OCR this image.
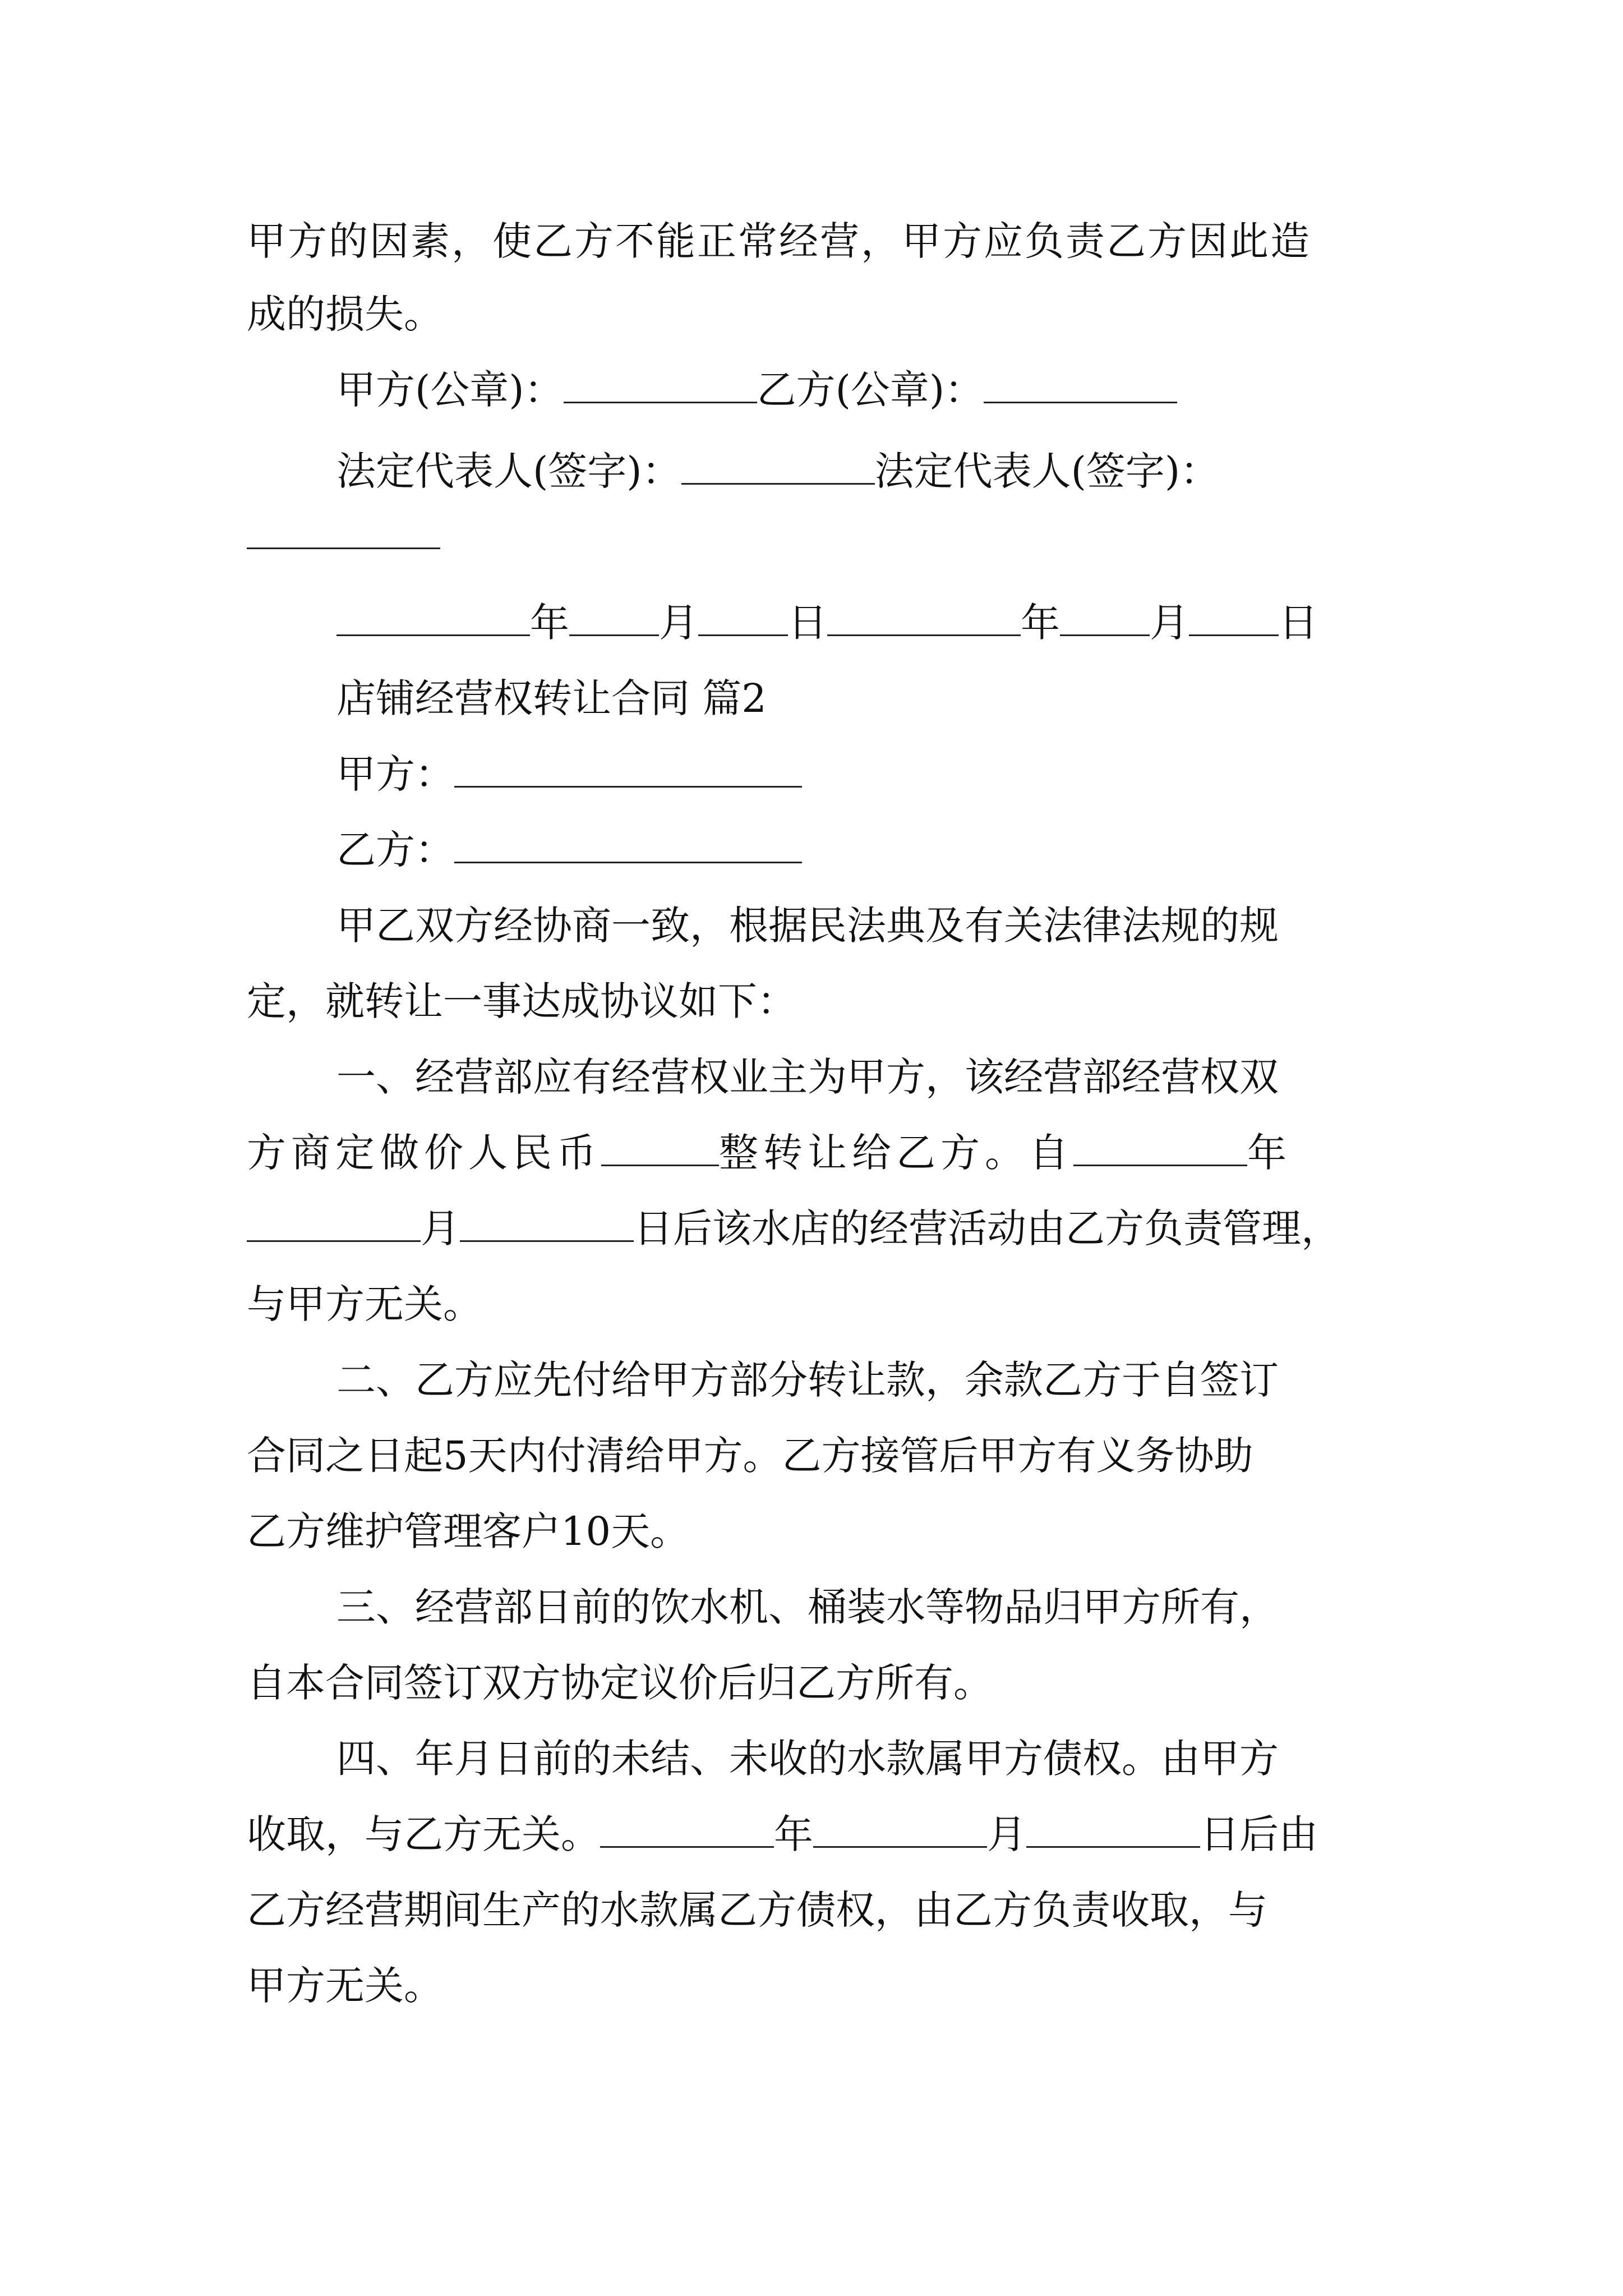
甲方的因素，使乙方不能正常经营，甲方应负责乙方因此造
成的损失。
甲方(公章)：	乙方(公章)：
法定代表人(签字)：	法定代表人(签字)：
年 月 日	年 月 日
店铺经营权转让合同 篇2
甲方：
乙方：
甲乙双方经协商一致，根据民法典及有关法律法规的规
定，就转让一事达成协议如下：
一、经营部应有经营权业主为甲方，该经营部经营权双
方商定做价人民币	整转让给乙方。自	年
月	日后该水店的经营活动由乙方负责管理，
与甲方无关。
二、乙方应先付给甲方部分转让款，余款乙方于自签订
合同之日起5天内付清给甲方。乙方接管后甲方有义务协助
乙方维护管理客户10天。
三、经营部日前的饮水机、桶装水等物品归甲方所有，
自本合同签订双方协定议价后归乙方所有。
四、年月日前的未结、未收的水款属甲方债权。由甲方
收取，与乙方无关。	年	月	日后由
乙方经营期间生产的水款属乙方债权，由乙方负责收取，与
甲方无关。
